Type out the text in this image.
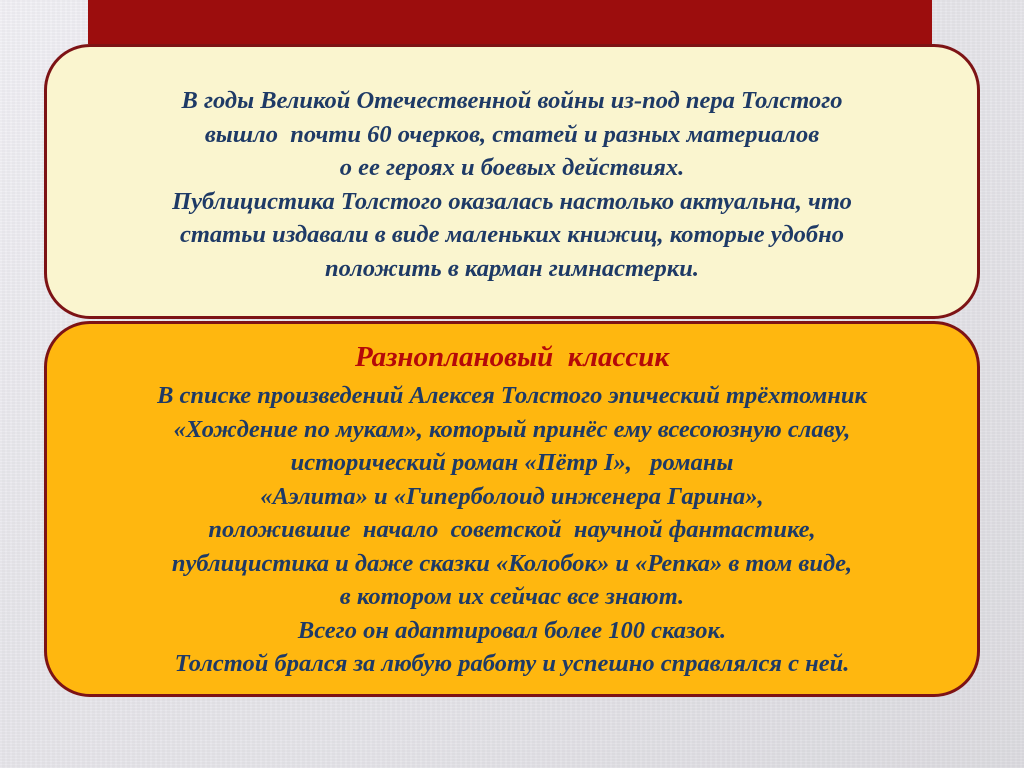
В годы Великой Отечественной войны из-под пера Толстого
вышло  почти 60 очерков, статей и разных материалов
о ее героях и боевых действиях.
Публицистика Толстого оказалась настолько актуальна, что
статьи издавали в виде маленьких книжиц, которые удобно
положить в карман гимнастерки.
Разноплановый  классик
В списке произведений Алексея Толстого эпический трёхтомник
«Хождение по мукам», который принёс ему всесоюзную славу,
исторический роман «Пётр I»,   романы
«Аэлита» и «Гиперболоид инженера Гарина»,
положившие  начало  советской  научной фантастике,
публицистика и даже сказки «Колобок» и «Репка» в том виде,
в котором их сейчас все знают.
Всего он адаптировал более 100 сказок.
Толстой брался за любую работу и успешно справлялся с ней.
